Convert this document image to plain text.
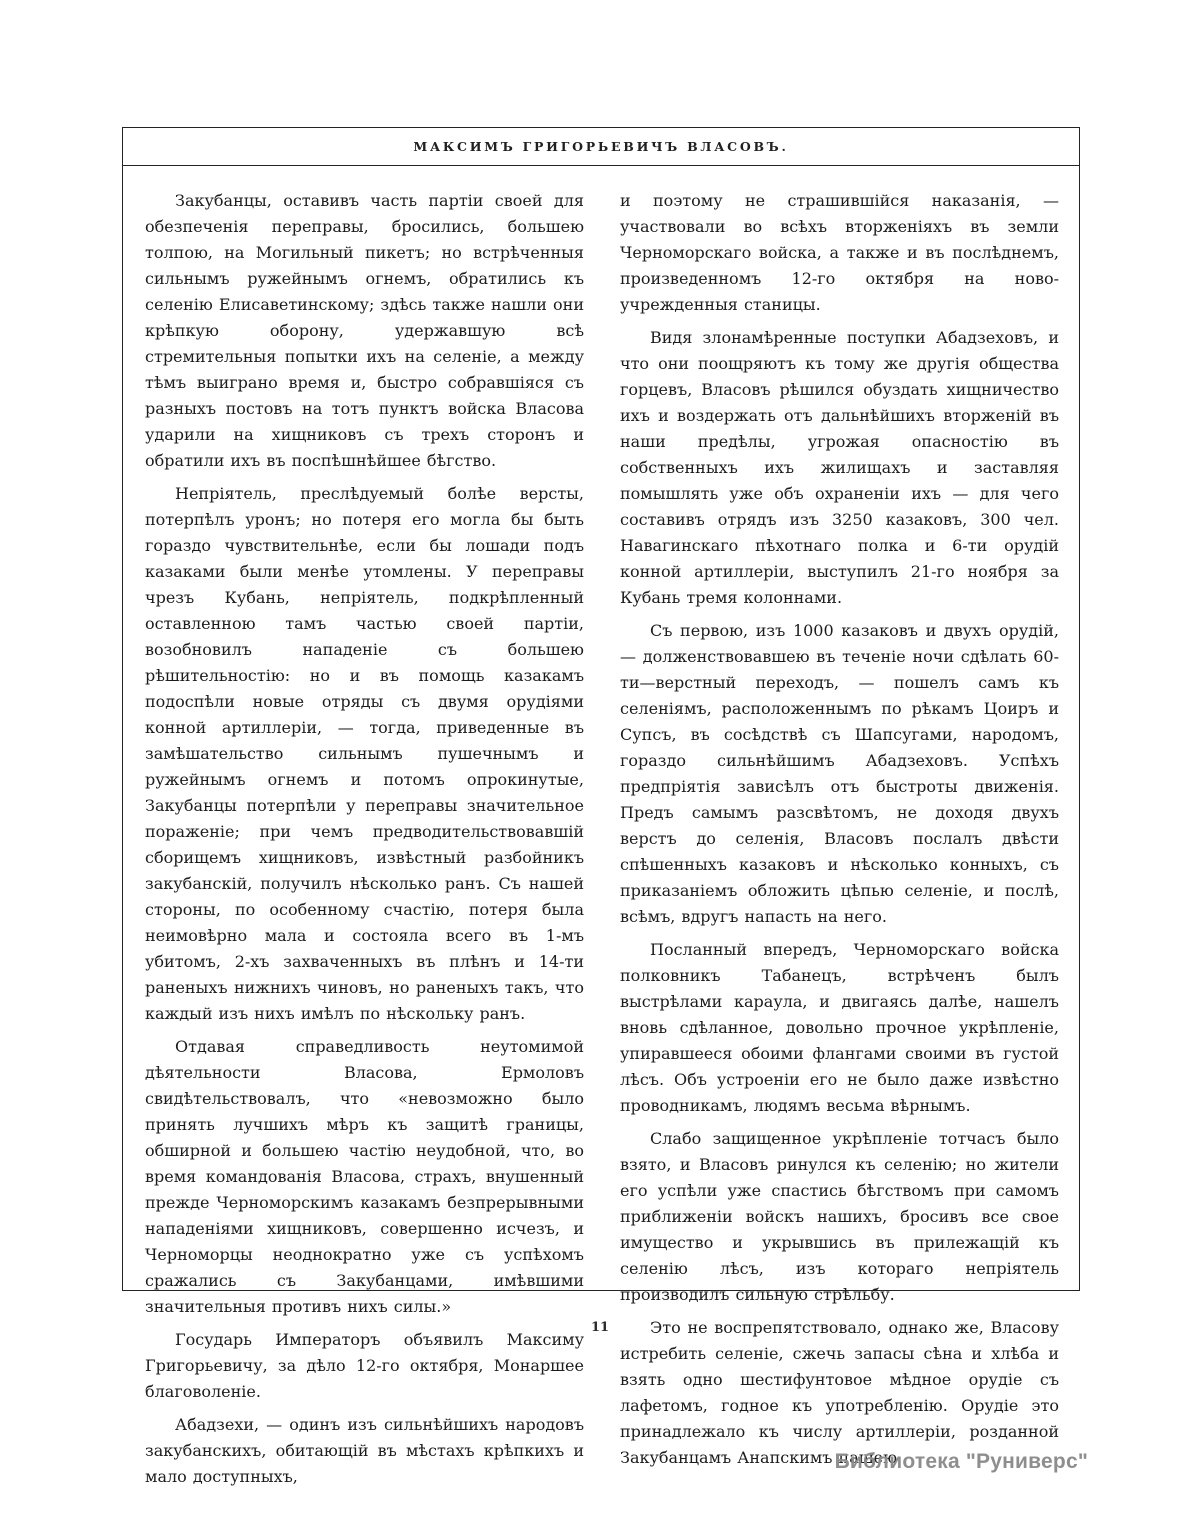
МАКСИМЪ ГРИГОРЬЕВИЧЪ ВЛАСОВЪ.

Закубанцы, оставивъ часть партіи своей для обезпеченія переправы, бросились, большею толпою, на Могильный пикетъ; но встрѣченныя сильнымъ ружейнымъ огнемъ, обратились къ селенію Елисаветинскому; здѣсь также нашли они крѣпкую оборону, удержавшую всѣ стремительныя попытки ихъ на селеніе, а между тѣмъ выиграно время и, быстро собравшіяся съ разныхъ постовъ на тотъ пунктъ войска Власова ударили на хищниковъ съ трехъ сторонъ и обратили ихъ въ поспѣшнѣйшее бѣгство.

Непріятель, преслѣдуемый болѣе версты, потерпѣлъ уронъ; но потеря его могла бы быть гораздо чувствительнѣе, если бы лошади подъ казаками были менѣе утомлены. У переправы чрезъ Кубань, непріятель, подкрѣпленный оставленною тамъ частью своей партіи, возобновилъ нападеніе съ большею рѣшительностію: но и въ помощь казакамъ подоспѣли новые отряды съ двумя орудіями конной артиллеріи, — тогда, приведенные въ замѣшательство сильнымъ пушечнымъ и ружейнымъ огнемъ и потомъ опрокинутые, Закубанцы потерпѣли у переправы значительное пораженіе; при чемъ предводительствовавшій сборищемъ хищниковъ, извѣстный разбойникъ закубанскій, получилъ нѣсколько ранъ. Съ нашей стороны, по особенному счастію, потеря была неимовѣрно мала и состояла всего въ 1-мъ убитомъ, 2-хъ захваченныхъ въ плѣнъ и 14-ти раненыхъ нижнихъ чиновъ, но раненыхъ такъ, что каждый изъ нихъ имѣлъ по нѣскольку ранъ.

Отдавая справедливость неутомимой дѣятельности Власова, Ермоловъ свидѣтельствовалъ, что «невозможно было принять лучшихъ мѣръ къ защитѣ границы, обширной и большею частію неудобной, что, во время командованія Власова, страхъ, внушенный прежде Черноморскимъ казакамъ безпрерывными нападеніями хищниковъ, совершенно исчезъ, и Черноморцы неоднократно уже съ успѣхомъ сражались съ Закубанцами, имѣвшими значительныя противъ нихъ силы.»

Государь Императоръ объявилъ Максиму Григорьевичу, за дѣло 12-го октября, Монаршее благоволеніе.

Абадзехи, — одинъ изъ сильнѣйшихъ народовъ закубанскихъ, обитающій въ мѣстахъ крѣпкихъ и мало доступныхъ,

и поэтому не страшившійся наказанія, — участвовали во всѣхъ вторженіяхъ въ земли Черноморскаго войска, а также и въ послѣднемъ, произведенномъ 12-го октября на ново-учрежденныя станицы.

Видя злонамѣренные поступки Абадзеховъ, и что они поощряютъ къ тому же другія общества горцевъ, Власовъ рѣшился обуздать хищничество ихъ и воздержать отъ дальнѣйшихъ вторженій въ наши предѣлы, угрожая опасностію въ собственныхъ ихъ жилищахъ и заставляя помышлять уже объ охраненіи ихъ — для чего составивъ отрядъ изъ 3250 казаковъ, 300 чел. Навагинскаго пѣхотнаго полка и 6-ти орудій конной артиллеріи, выступилъ 21-го ноября за Кубань тремя колоннами.

Съ первою, изъ 1000 казаковъ и двухъ орудій, — долженствовавшею въ теченіе ночи сдѣлать 60-ти—верстный переходъ, — пошелъ самъ къ селеніямъ, расположеннымъ по рѣкамъ Цоиръ и Супсъ, въ сосѣдствѣ съ Шапсугами, народомъ, гораздо сильнѣйшимъ Абадзеховъ. Успѣхъ предпріятія зависѣлъ отъ быстроты движенія. Предъ самымъ разсвѣтомъ, не доходя двухъ верстъ до селенія, Власовъ послалъ двѣсти спѣшенныхъ казаковъ и нѣсколько конныхъ, съ приказаніемъ обложить цѣпью селеніе, и послѣ, всѣмъ, вдругъ напасть на него.

Посланный впередъ, Черноморскаго войска полковникъ Табанецъ, встрѣченъ былъ выстрѣлами караула, и двигаясь далѣе, нашелъ вновь сдѣланное, довольно прочное укрѣпленіе, упиравшееся обоими флангами своими въ густой лѣсъ. Объ устроеніи его не было даже извѣстно проводникамъ, людямъ весьма вѣрнымъ.

Слабо защищенное укрѣпленіе тотчасъ было взято, и Власовъ ринулся къ селенію; но жители его успѣли уже спастись бѣгствомъ при самомъ приближеніи войскъ нашихъ, бросивъ все свое имущество и укрывшись въ прилежащій къ селенію лѣсъ, изъ котораго непріятель производилъ сильную стрѣльбу.

Это не воспрепятствовало, однако же, Власову истребить селеніе, сжечь запасы сѣна и хлѣба и взять одно шестифунтовое мѣдное орудіе съ лафетомъ, годное къ употребленію. Орудіе это принадлежало къ числу артиллеріи, розданной Закубанцамъ Анапскимъ пашею.

11
Библиотека "Руниверс"
